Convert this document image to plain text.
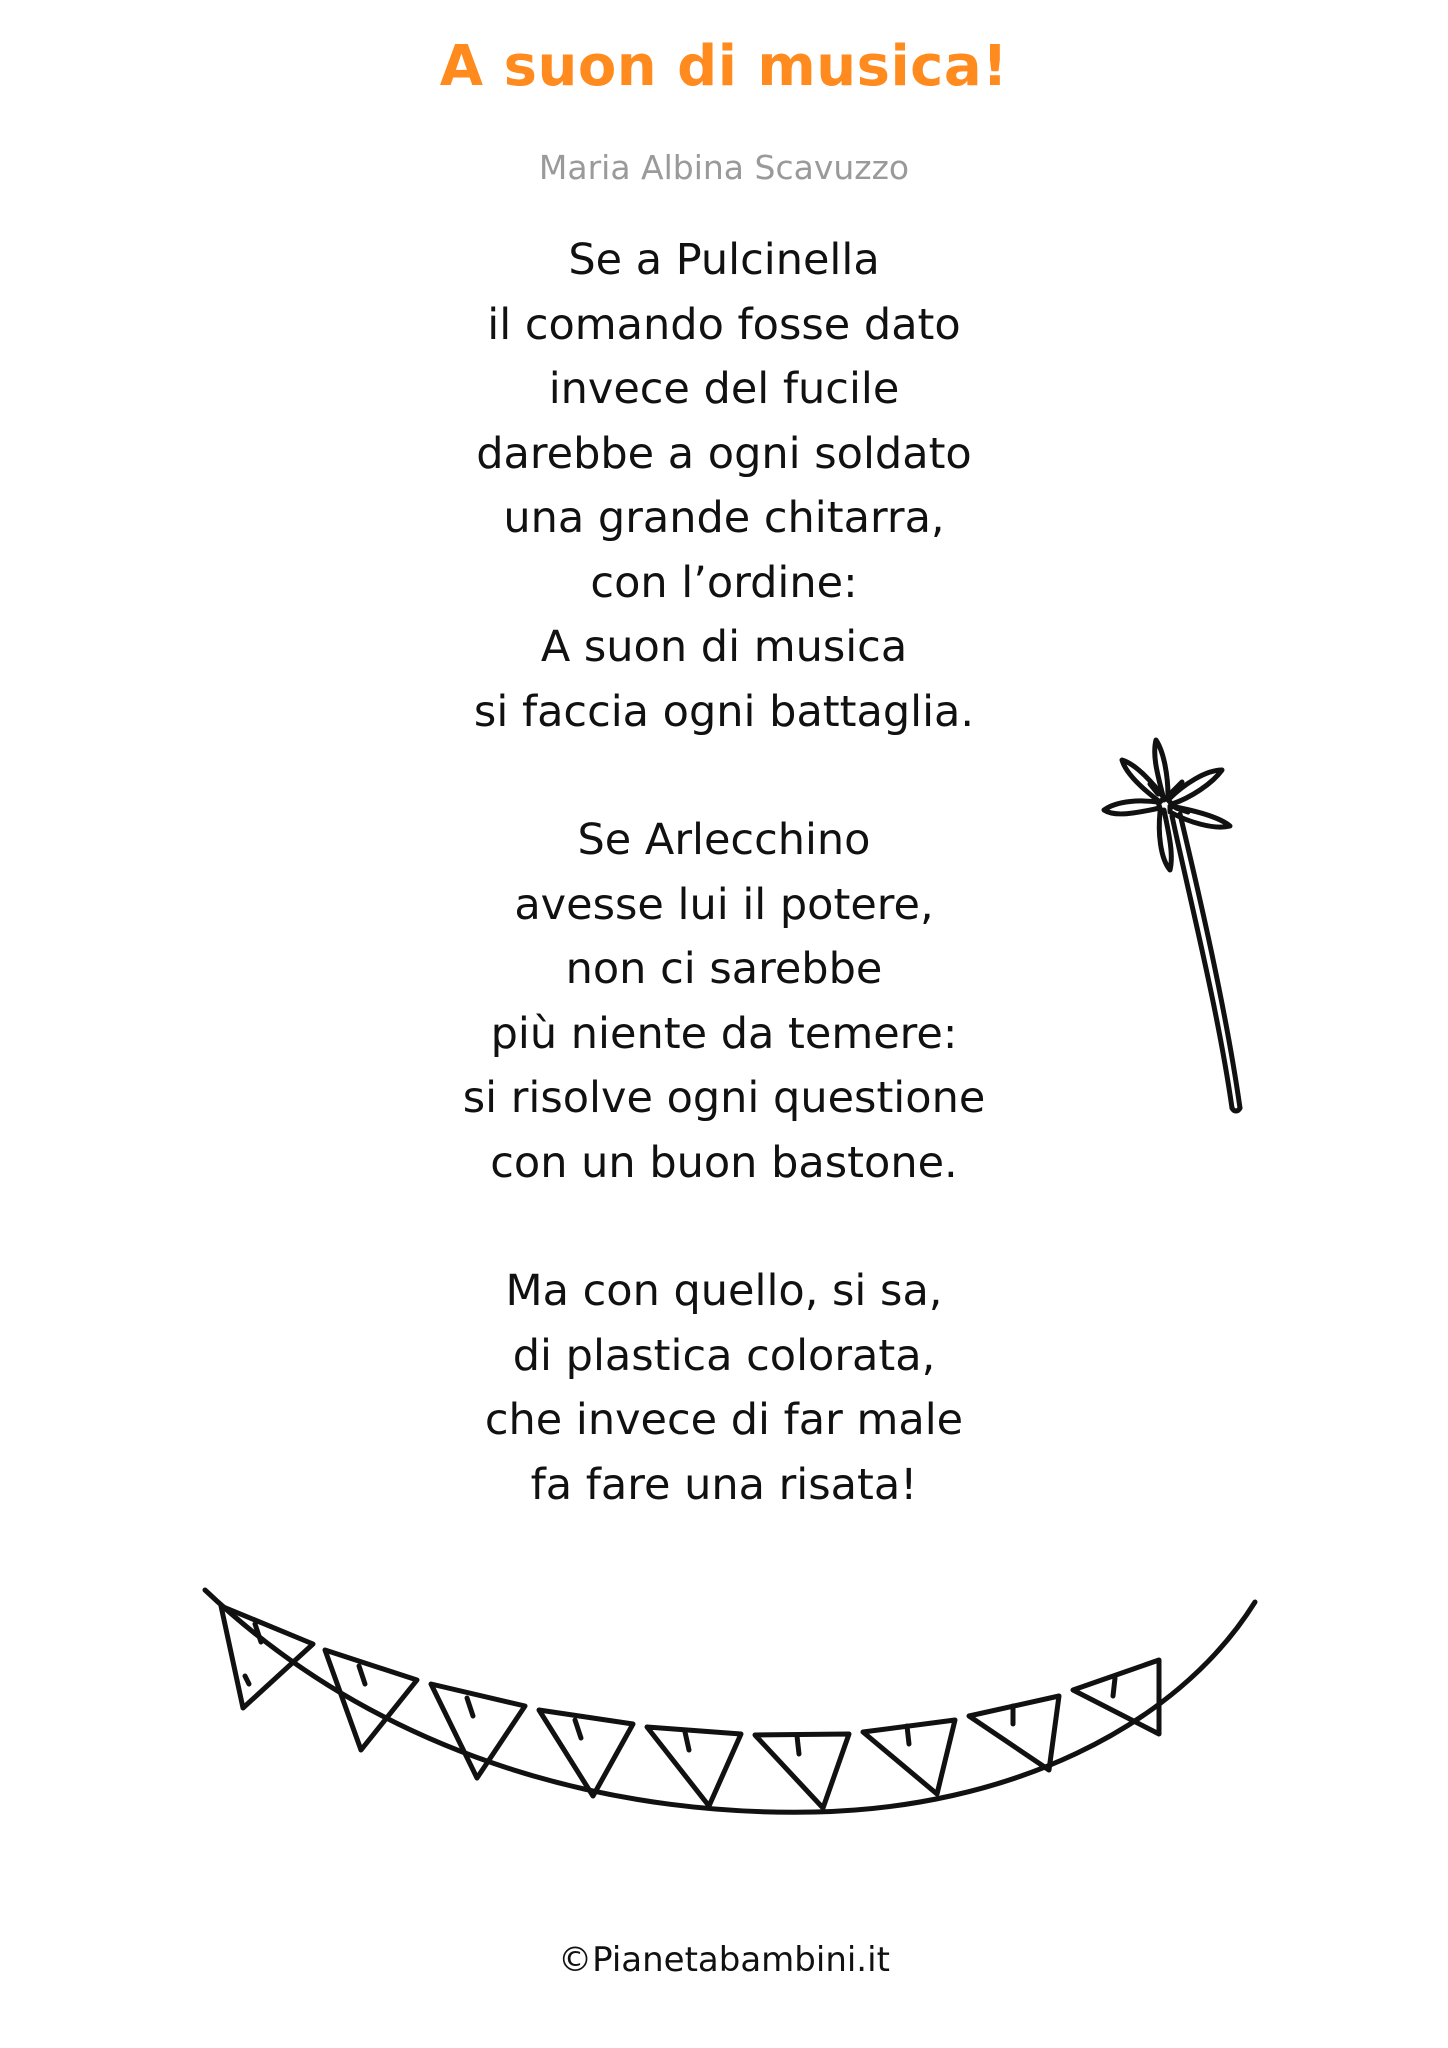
A suon di musica!
Maria Albina Scavuzzo
Se a Pulcinella
il comando fosse dato
invece del fucile
darebbe a ogni soldato
una grande chitarra,
con l’ordine:
A suon di musica
si faccia ogni battaglia.
Se Arlecchino
avesse lui il potere,
non ci sarebbe
più niente da temere:
si risolve ogni questione
con un buon bastone.
Ma con quello, si sa,
di plastica colorata,
che invece di far male
fa fare una risata!
©Pianetabambini.it
